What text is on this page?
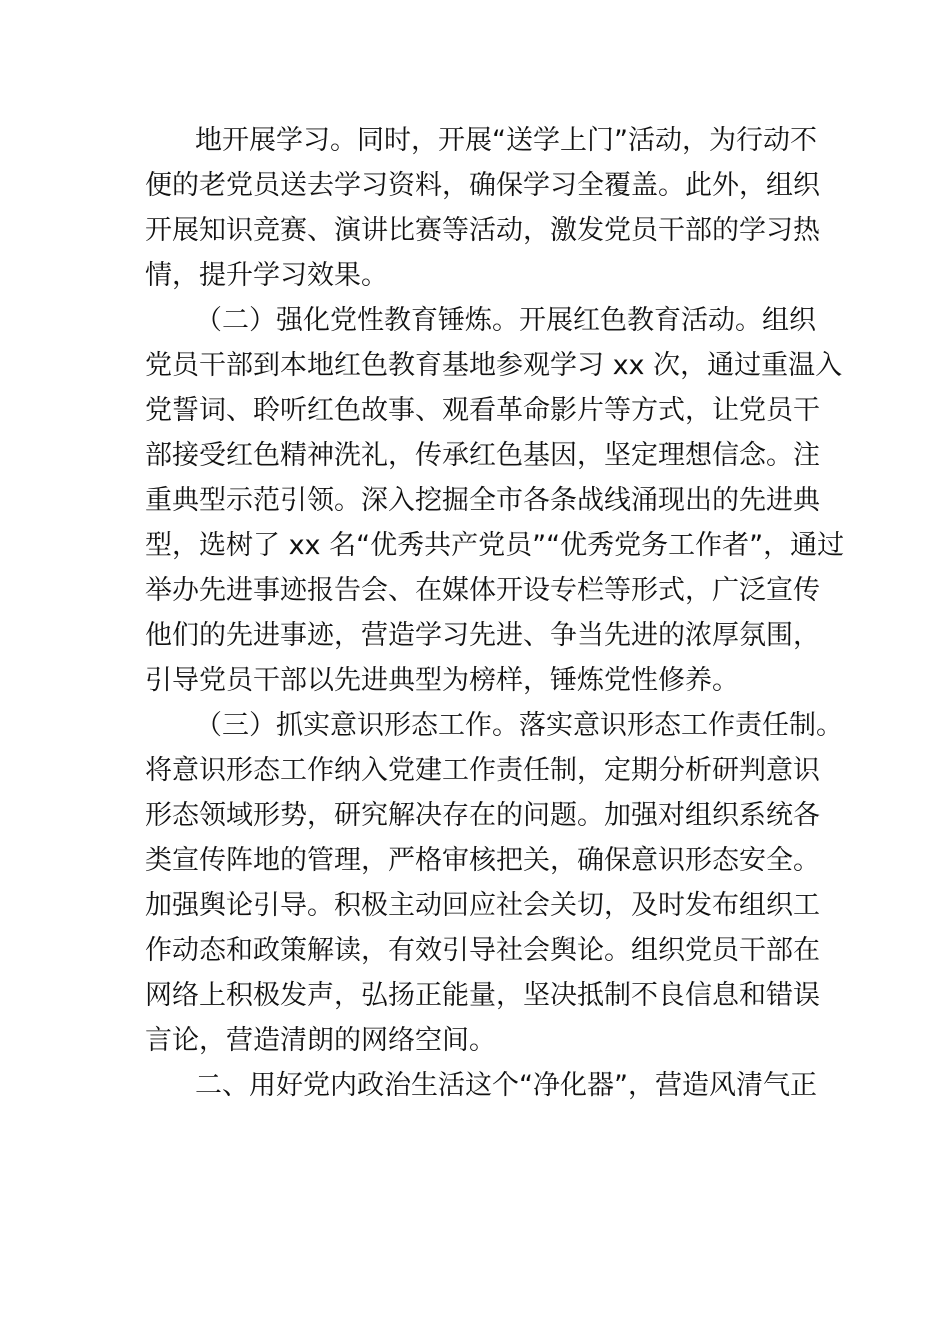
地开展学习。同时，开展“送学上门”活动，为行动不
便的老党员送去学习资料，确保学习全覆盖。此外，组织
开展知识竞赛、演讲比赛等活动，激发党员干部的学习热
情，提升学习效果。
（二）强化党性教育锤炼。开展红色教育活动。组织
党员干部到本地红色教育基地参观学习 xx 次，通过重温入
党誓词、聆听红色故事、观看革命影片等方式，让党员干
部接受红色精神洗礼，传承红色基因，坚定理想信念。注
重典型示范引领。深入挖掘全市各条战线涌现出的先进典
型，选树了 xx 名“优秀共产党员”“优秀党务工作者”，通过
举办先进事迹报告会、在媒体开设专栏等形式，广泛宣传
他们的先进事迹，营造学习先进、争当先进的浓厚氛围，
引导党员干部以先进典型为榜样，锤炼党性修养。
（三）抓实意识形态工作。落实意识形态工作责任制。
将意识形态工作纳入党建工作责任制，定期分析研判意识
形态领域形势，研究解决存在的问题。加强对组织系统各
类宣传阵地的管理，严格审核把关，确保意识形态安全。
加强舆论引导。积极主动回应社会关切，及时发布组织工
作动态和政策解读，有效引导社会舆论。组织党员干部在
网络上积极发声，弘扬正能量，坚决抵制不良信息和错误
言论，营造清朗的网络空间。
二、用好党内政治生活这个“净化器”，营造风清气正
